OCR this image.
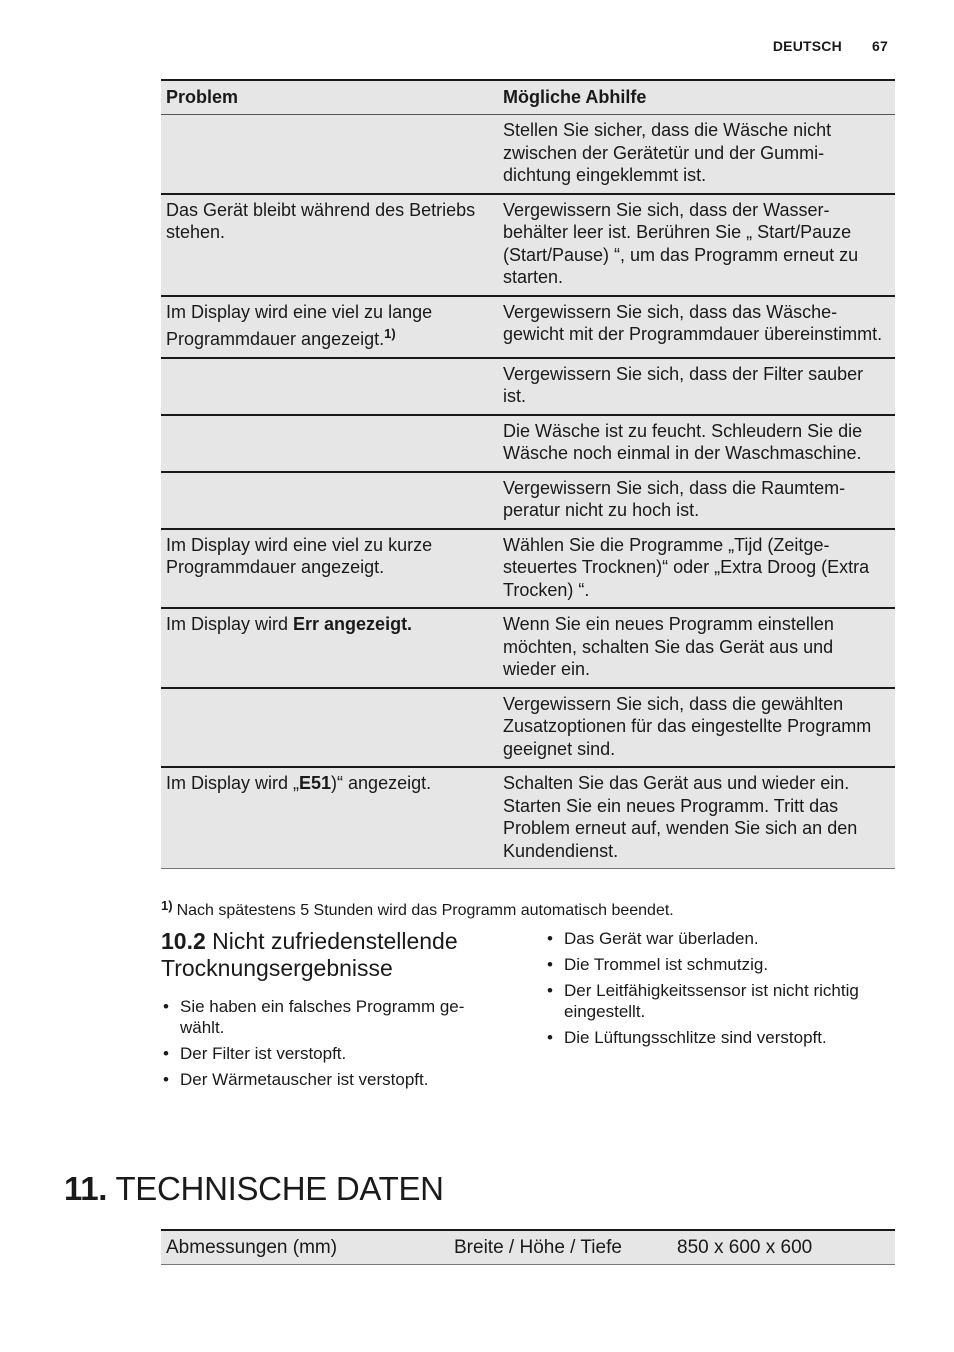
DEUTSCH 67
Problem	Mögliche Abhilfe
	Stellen Sie sicher, dass die Wäsche nicht zwischen der Gerätetür und der Gummidichtung eingeklemmt ist.
Das Gerät bleibt während des Betriebs stehen.	Vergewissern Sie sich, dass der Wasserbehälter leer ist. Berühren Sie „ Start/Pauze (Start/Pause) “, um das Programm erneut zu starten.
Im Display wird eine viel zu lange Programmdauer angezeigt.$^{1)}$	Vergewissern Sie sich, dass das Wäschegewicht mit der Programmdauer übereinstimmt.
	Vergewissern Sie sich, dass der Filter sauber ist.
	Die Wäsche ist zu feucht. Schleudern Sie die Wäsche noch einmal in der Waschmaschine.
	Vergewissern Sie sich, dass die Raumtemperatur nicht zu hoch ist.
Im Display wird eine viel zu kurze Programmdauer angezeigt.	Wählen Sie die Programme „Tijd (Zeitgesteuertes Trocknen)“ oder „Extra Droog (Extra Trocken) “.
Im Display wird Err angezeigt.	Wenn Sie ein neues Programm einstellen möchten, schalten Sie das Gerät aus und wieder ein.
	Vergewissern Sie sich, dass die gewählten Zusatzoptionen für das eingestellte Programm geeignet sind.
Im Display wird „E51)“ angezeigt.	Schalten Sie das Gerät aus und wieder ein. Starten Sie ein neues Programm. Tritt das Problem erneut auf, wenden Sie sich an den Kundendienst.
$^{1)}$ Nach spätestens 5 Stunden wird das Programm automatisch beendet.
10.2 Nicht zufriedenstellende Trocknungsergebnisse
• Sie haben ein falsches Programm gewählt.
• Der Filter ist verstopft.
• Der Wärmetauscher ist verstopft.
• Das Gerät war überladen.
• Die Trommel ist schmutzig.
• Der Leitfähigkeitssensor ist nicht richtig eingestellt.
• Die Lüftungsschlitze sind verstopft.
11. TECHNISCHE DATEN
Abmessungen (mm)	Breite / Höhe / Tiefe	850 x 600 x 600
